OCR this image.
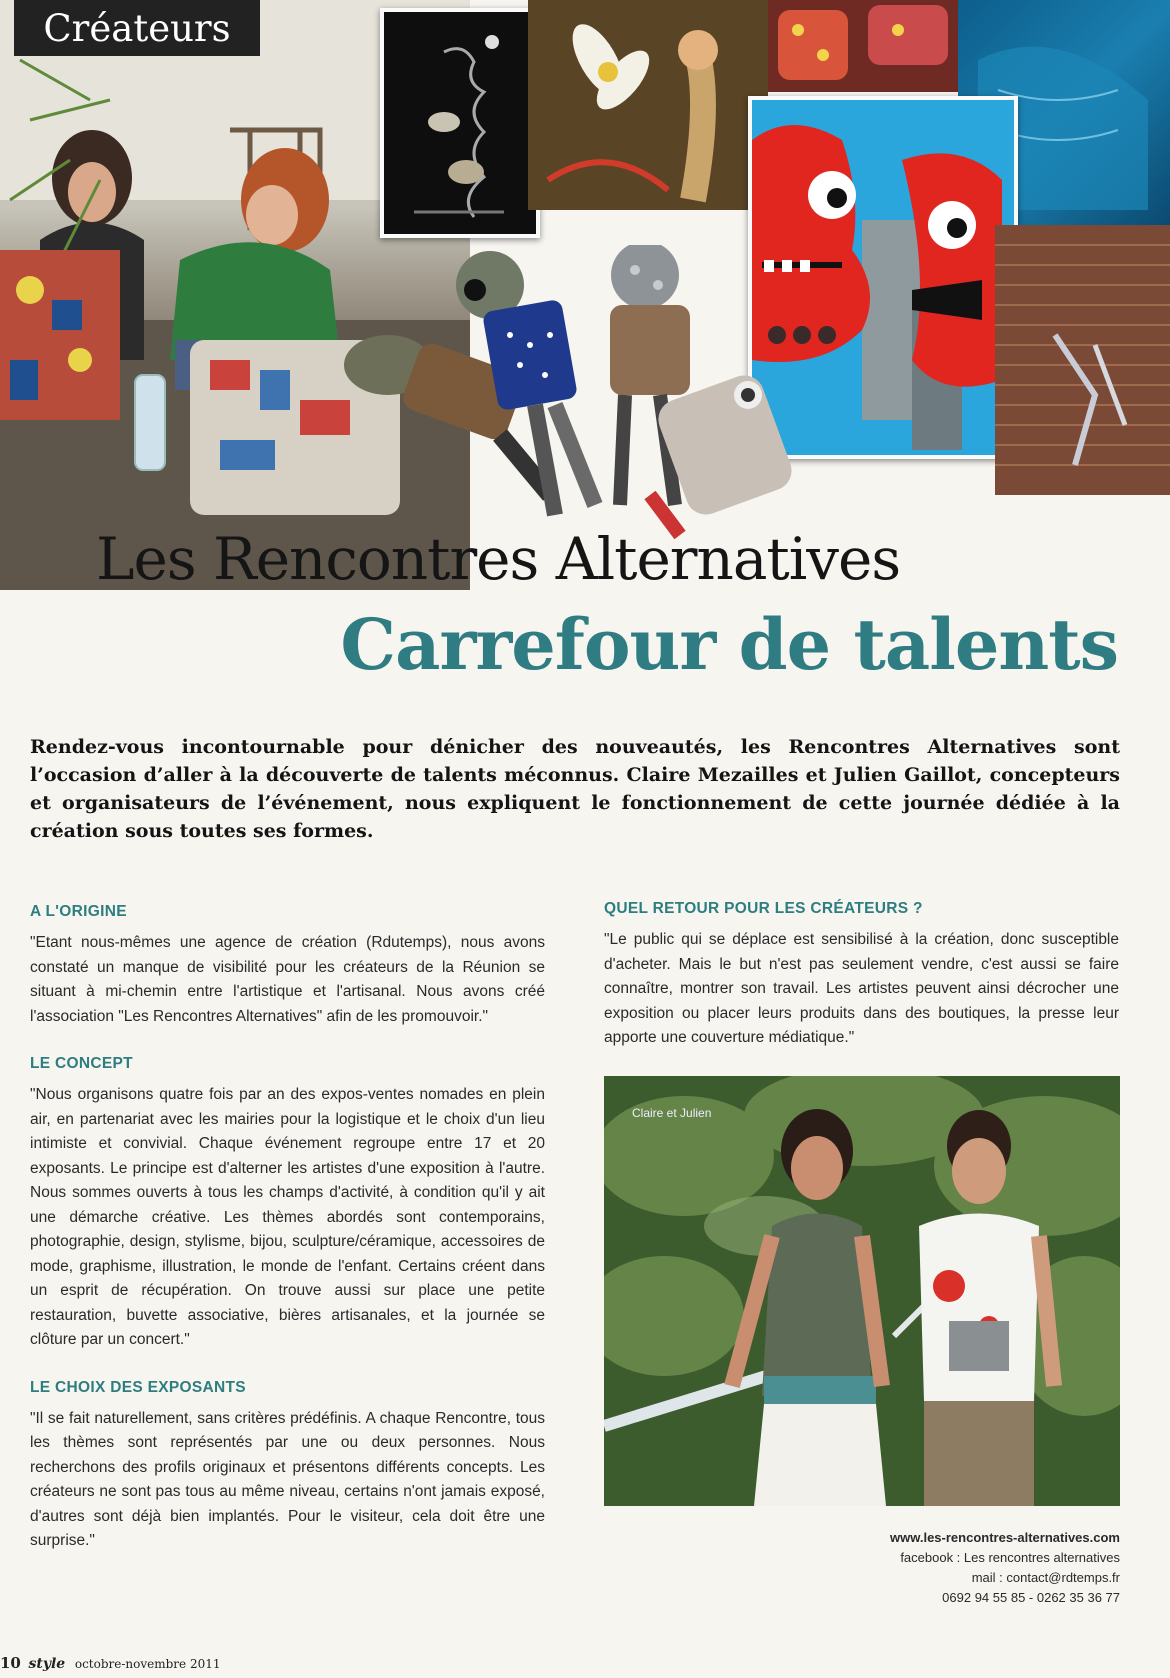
Créateurs
Les Rencontres Alternatives
Carrefour de talents
Rendez-vous incontournable pour dénicher des nouveautés, les Rencontres Alternatives sont l’occasion d’aller à la découverte de talents méconnus. Claire Mezailles et Julien Gaillot, concepteurs et organisateurs de l’événement, nous expliquent le fonctionnement de cette journée dédiée à la création sous toutes ses formes.
A L'ORIGINE
"Etant nous-mêmes une agence de création (Rdutemps), nous avons constaté un manque de visibilité pour les créateurs de la Réunion se situant à mi-chemin entre l'artistique et l'artisanal. Nous avons créé l'association "Les Rencontres Alternatives" afin de les promouvoir."
LE CONCEPT
"Nous organisons quatre fois par an des expos-ventes nomades en plein air, en partenariat avec les mairies pour la logistique et le choix d'un lieu intimiste et convivial. Chaque événement regroupe entre 17 et 20 exposants. Le principe est d'alterner les artistes d'une exposition à l'autre. Nous sommes ouverts à tous les champs d'activité, à condition qu'il y ait une démarche créative. Les thèmes abordés sont contemporains, photographie, design, stylisme, bijou, sculpture/céramique, accessoires de mode, graphisme, illustration, le monde de l'enfant. Certains créent dans un esprit de récupération. On trouve aussi sur place une petite restauration, buvette associative, bières artisanales, et la journée se clôture par un concert."
LE CHOIX DES EXPOSANTS
"Il se fait naturellement, sans critères prédéfinis. A chaque Rencontre, tous les thèmes sont représentés par une ou deux personnes. Nous recherchons des profils originaux et présentons différents concepts. Les créateurs ne sont pas tous au même niveau, certains n'ont jamais exposé, d'autres sont déjà bien implantés. Pour le visiteur, cela doit être une surprise."
QUEL RETOUR POUR LES CRÉATEURS ?
"Le public qui se déplace est sensibilisé à la création, donc susceptible d'acheter. Mais le but n'est pas seulement vendre, c'est aussi se faire connaître, montrer son travail. Les artistes peuvent ainsi décrocher une exposition ou placer leurs produits dans des boutiques, la presse leur apporte une couverture médiatique."
Claire et Julien
www.les-rencontres-alternatives.com
facebook : Les rencontres alternatives
mail : contact@rdtemps.fr
0692 94 55 85 - 0262 35 36 77
10 style octobre-novembre 2011
